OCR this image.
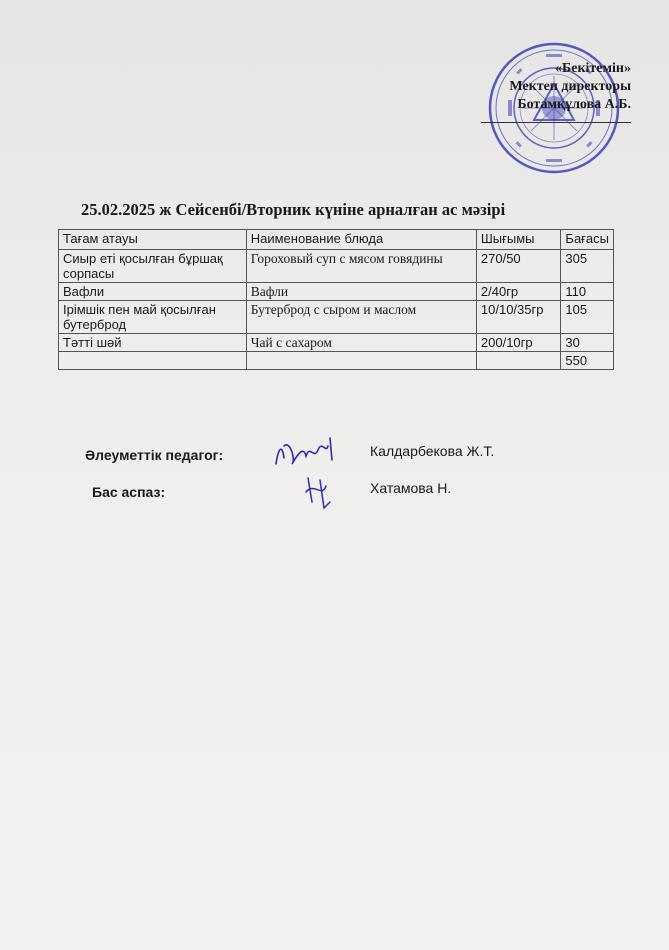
«Бекітемін»
Мектеп директоры
Ботамқұлова А.Б.
25.02.2025 ж Сейсенбі/Вторник күніне арналған ас мәзірі
Тағам атауы	Наименование блюда	Шығымы	Бағасы
Сиыр еті қосылған бұршақ сорпасы	Гороховый суп с мясом говядины	270/50	305
Вафли	Вафли	2/40гр	110
Ірімшік пен май қосылған бутерброд	Бутерброд с сыром и маслом	10/10/35гр	105
Тәтті шәй	Чай с сахаром	200/10гр	30
			550
Әлеуметтік педагог:	Калдарбекова Ж.Т.
Бас аспаз:	Хатамова Н.
